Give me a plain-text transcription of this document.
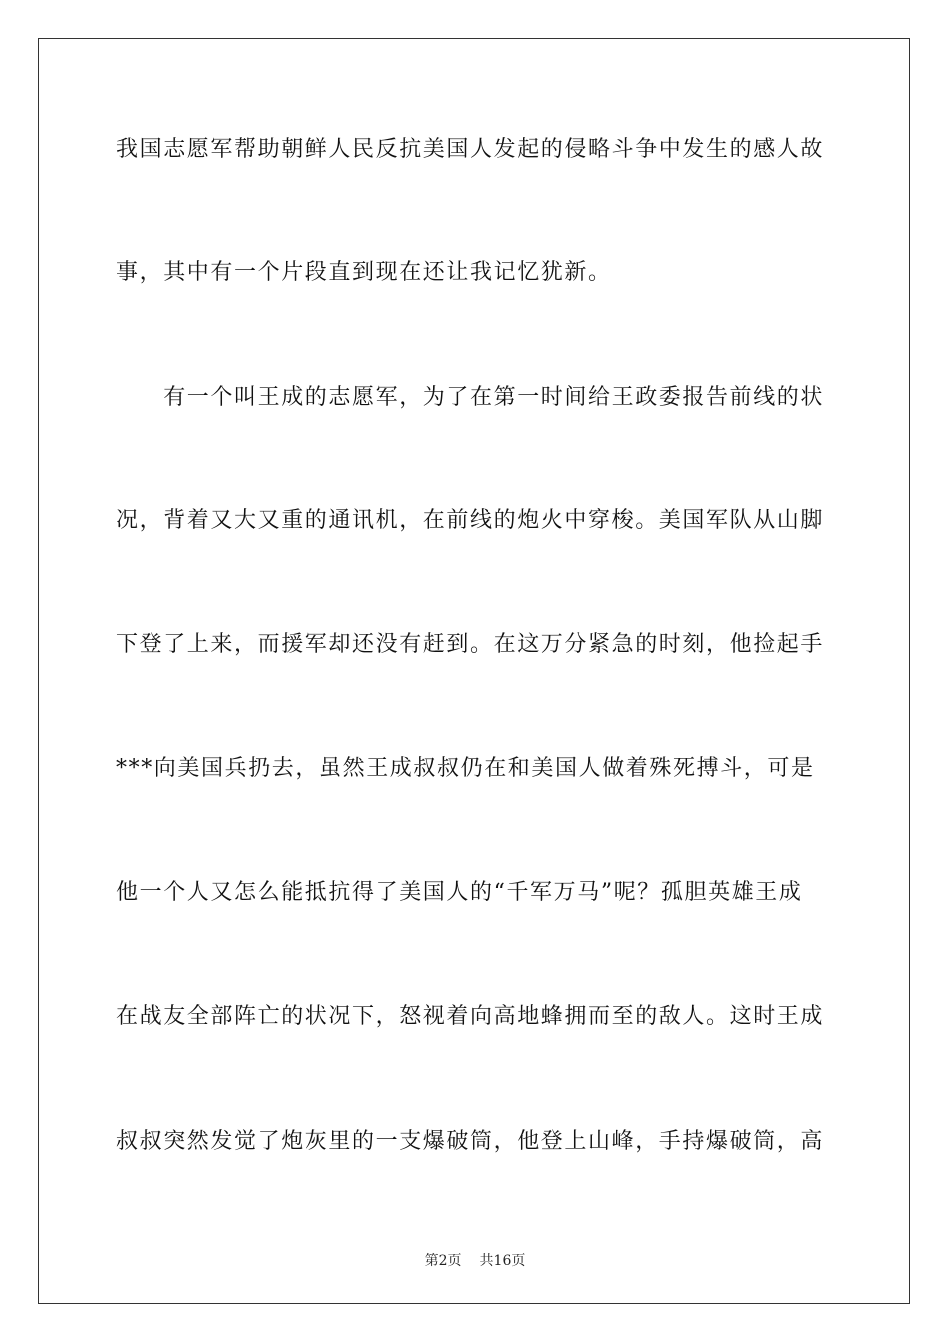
我国志愿军帮助朝鲜人民反抗美国人发起的侵略斗争中发生的感人故
事，其中有一个片段直到现在还让我记忆犹新。
　　有一个叫王成的志愿军，为了在第一时间给王政委报告前线的状
况，背着又大又重的通讯机，在前线的炮火中穿梭。美国军队从山脚
下登了上来，而援军却还没有赶到。在这万分紧急的时刻，他捡起手
***向美国兵扔去，虽然王成叔叔仍在和美国人做着殊死搏斗，可是
他一个人又怎么能抵抗得了美国人的“千军万马”呢？孤胆英雄王成
在战友全部阵亡的状况下，怒视着向高地蜂拥而至的敌人。这时王成
叔叔突然发觉了炮灰里的一支爆破筒，他登上山峰，手持爆破筒，高
第2页 共16页
